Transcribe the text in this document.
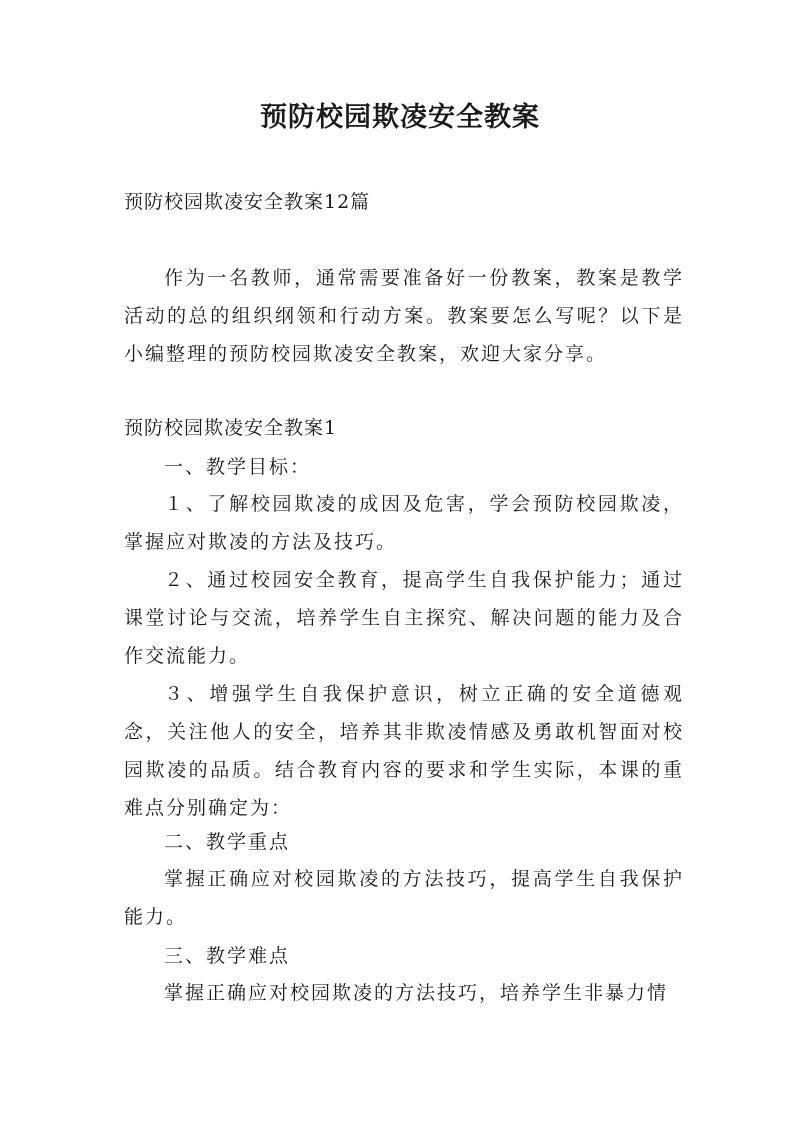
预防校园欺凌安全教案
预防校园欺凌安全教案12篇
作为一名教师，通常需要准备好一份教案，教案是教学活动的总的组织纲领和行动方案。教案要怎么写呢？以下是小编整理的预防校园欺凌安全教案，欢迎大家分享。
预防校园欺凌安全教案1
一、教学目标：
１、了解校园欺凌的成因及危害，学会预防校园欺凌，掌握应对欺凌的方法及技巧。
２、通过校园安全教育，提高学生自我保护能力；通过课堂讨论与交流，培养学生自主探究、解决问题的能力及合作交流能力。
３、增强学生自我保护意识，树立正确的安全道德观念，关注他人的安全，培养其非欺凌情感及勇敢机智面对校园欺凌的品质。结合教育内容的要求和学生实际，本课的重难点分别确定为：
二、教学重点
掌握正确应对校园欺凌的方法技巧，提高学生自我保护能力。
三、教学难点
掌握正确应对校园欺凌的方法技巧，培养学生非暴力情
